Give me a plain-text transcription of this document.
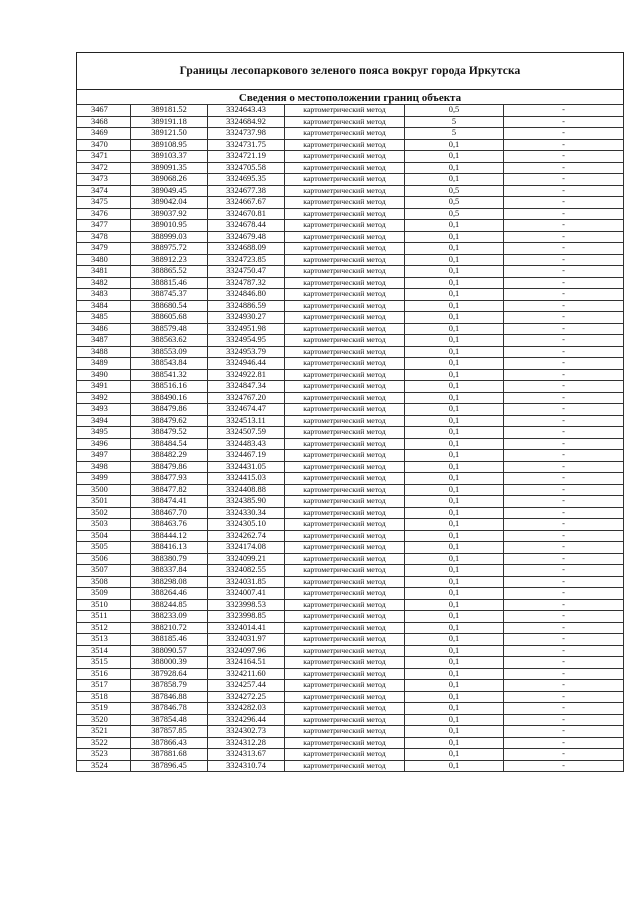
Границы лесопаркового зеленого пояса вокруг города Иркутска
Сведения о местоположении границ объекта
3467	389181.52	3324643.43	картометрический метод	0,5	-
3468	389191.18	3324684.92	картометрический метод	5	-
3469	389121.50	3324737.98	картометрический метод	5	-
3470	389108.95	3324731.75	картометрический метод	0,1	-
3471	389103.37	3324721.19	картометрический метод	0,1	-
3472	389091.35	3324705.58	картометрический метод	0,1	-
3473	389068.26	3324695.35	картометрический метод	0,1	-
3474	389049.45	3324677.38	картометрический метод	0,5	-
3475	389042.04	3324667.67	картометрический метод	0,5	-
3476	389037.92	3324670.81	картометрический метод	0,5	-
3477	389010.95	3324678.44	картометрический метод	0,1	-
3478	388999.03	3324679.48	картометрический метод	0,1	-
3479	388975.72	3324688.09	картометрический метод	0,1	-
3480	388912.23	3324723.85	картометрический метод	0,1	-
3481	388865.52	3324750.47	картометрический метод	0,1	-
3482	388815.46	3324787.32	картометрический метод	0,1	-
3483	388745.37	3324846.80	картометрический метод	0,1	-
3484	388680.54	3324886.59	картометрический метод	0,1	-
3485	388605.68	3324930.27	картометрический метод	0,1	-
3486	388579.48	3324951.98	картометрический метод	0,1	-
3487	388563.62	3324954.95	картометрический метод	0,1	-
3488	388553.09	3324953.79	картометрический метод	0,1	-
3489	388543.84	3324946.44	картометрический метод	0,1	-
3490	388541.32	3324922.81	картометрический метод	0,1	-
3491	388516.16	3324847.34	картометрический метод	0,1	-
3492	388490.16	3324767.20	картометрический метод	0,1	-
3493	388479.86	3324674.47	картометрический метод	0,1	-
3494	388479.62	3324513.11	картометрический метод	0,1	-
3495	388479.52	3324507.59	картометрический метод	0,1	-
3496	388484.54	3324483.43	картометрический метод	0,1	-
3497	388482.29	3324467.19	картометрический метод	0,1	-
3498	388479.86	3324431.05	картометрический метод	0,1	-
3499	388477.93	3324415.03	картометрический метод	0,1	-
3500	388477.82	3324408.88	картометрический метод	0,1	-
3501	388474.41	3324385.90	картометрический метод	0,1	-
3502	388467.70	3324330.34	картометрический метод	0,1	-
3503	388463.76	3324305.10	картометрический метод	0,1	-
3504	388444.12	3324262.74	картометрический метод	0,1	-
3505	388416.13	3324174.08	картометрический метод	0,1	-
3506	388380.79	3324099.21	картометрический метод	0,1	-
3507	388337.84	3324082.55	картометрический метод	0,1	-
3508	388298.08	3324031.85	картометрический метод	0,1	-
3509	388264.46	3324007.41	картометрический метод	0,1	-
3510	388244.85	3323998.53	картометрический метод	0,1	-
3511	388233.09	3323998.85	картометрический метод	0,1	-
3512	388210.72	3324014.41	картометрический метод	0,1	-
3513	388185.46	3324031.97	картометрический метод	0,1	-
3514	388090.57	3324097.96	картометрический метод	0,1	-
3515	388000.39	3324164.51	картометрический метод	0,1	-
3516	387928.64	3324211.60	картометрический метод	0,1	-
3517	387858.79	3324257.44	картометрический метод	0,1	-
3518	387846.88	3324272.25	картометрический метод	0,1	-
3519	387846.78	3324282.03	картометрический метод	0,1	-
3520	387854.48	3324296.44	картометрический метод	0,1	-
3521	387857.85	3324302.73	картометрический метод	0,1	-
3522	387866.43	3324312.28	картометрический метод	0,1	-
3523	387881.68	3324313.67	картометрический метод	0,1	-
3524	387896.45	3324310.74	картометрический метод	0,1	-
